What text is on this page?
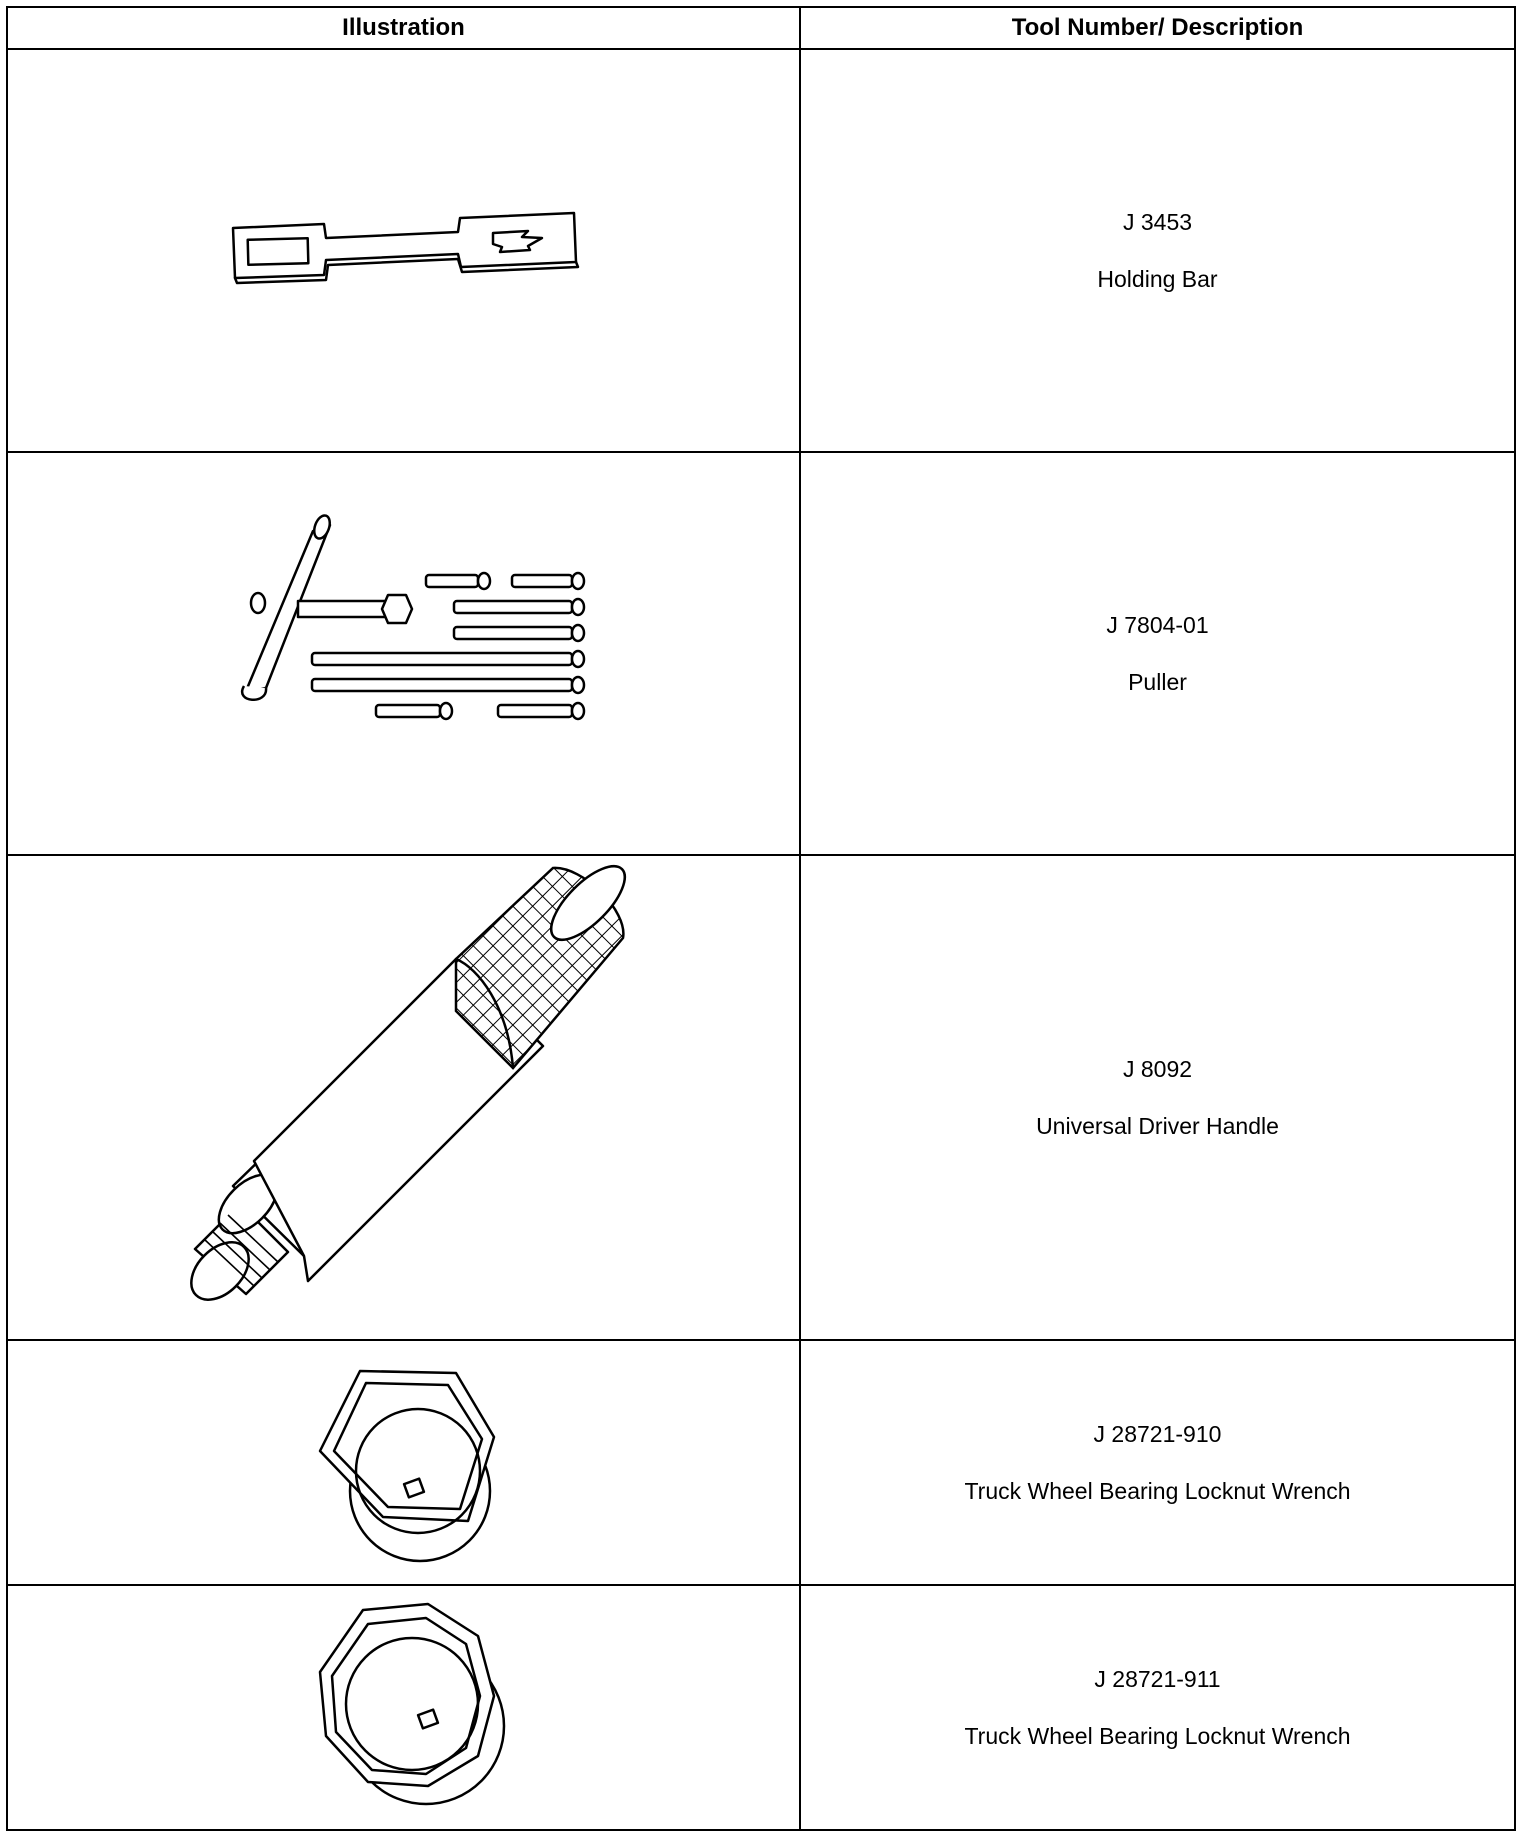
Illustration	Tool Number/ Description

J 3453
Holding Bar

J 7804-01
Puller

J 8092
Universal Driver Handle

J 28721-910
Truck Wheel Bearing Locknut Wrench

J 28721-911
Truck Wheel Bearing Locknut Wrench
